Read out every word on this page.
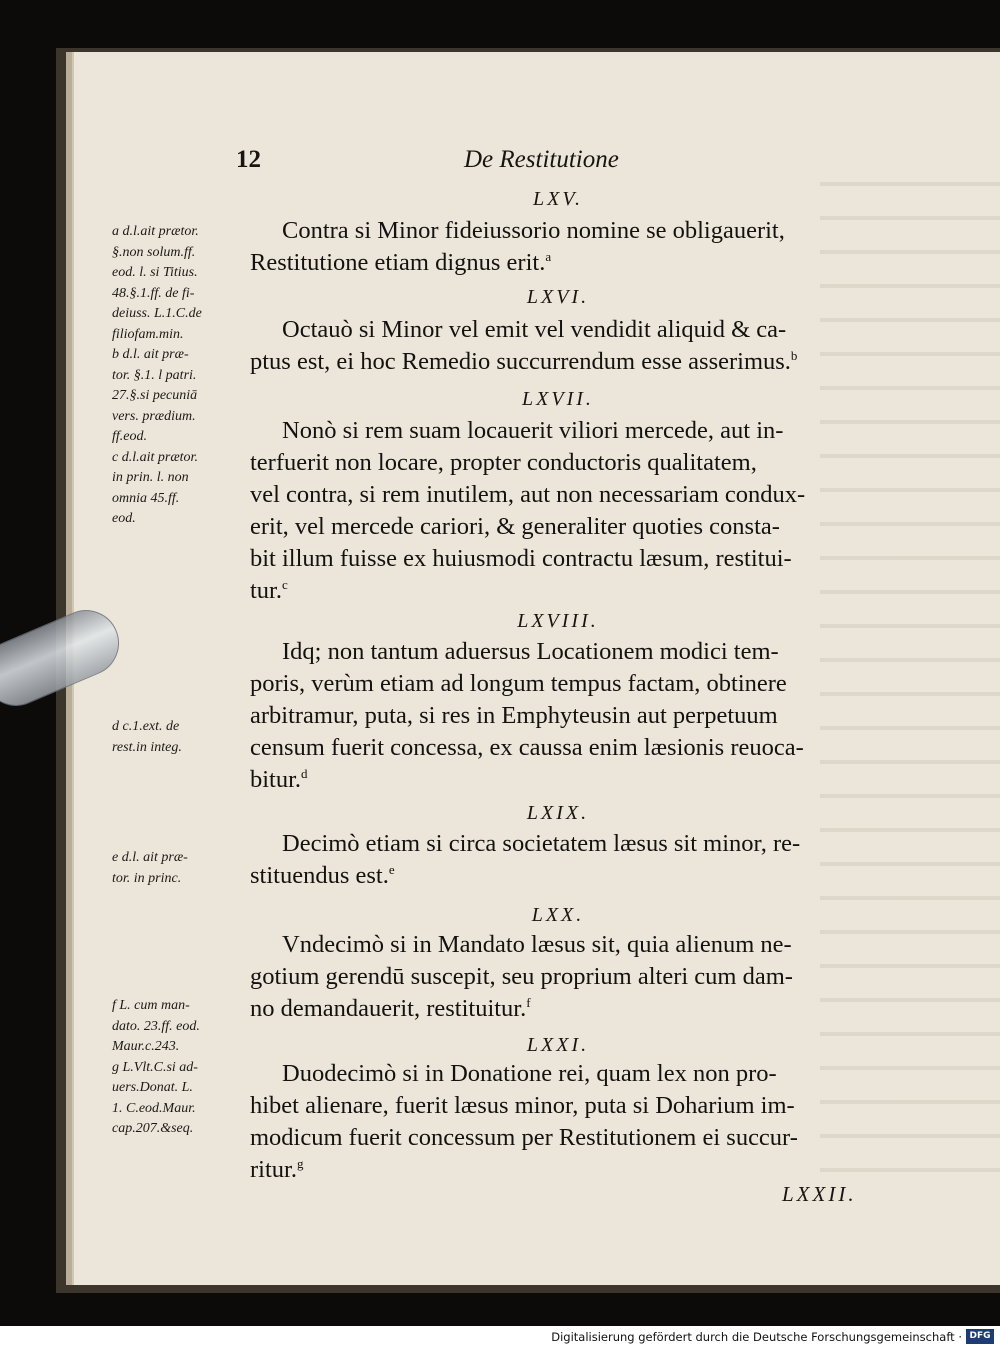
12	De Restitutione
LXV.
Contra si Minor fideiussorio nomine se obligauerit,
Restitutione etiam dignus erit.$^a$
LXVI.
Octauò si Minor vel emit vel vendidit aliquid & ca-
ptus est, ei hoc Remedio succurrendum esse asserimus.$^b$
LXVII.
Nonò si rem suam locauerit viliori mercede, aut in-
terfuerit non locare, propter conductoris qualitatem,
vel contra, si rem inutilem, aut non necessariam condux-
erit, vel mercede cariori, & generaliter quoties consta-
bit illum fuisse ex huiusmodi contractu læsum, restitui-
tur.$^c$
LXVIII.
Idq; non tantum aduersus Locationem modici tem-
poris, verùm etiam ad longum tempus factam, obtinere
arbitramur, puta, si res in Emphyteusin aut perpetuum
censum fuerit concessa, ex caussa enim læsionis reuoca-
bitur.$^d$
LXIX.
Decimò etiam si circa societatem læsus sit minor, re-
stituendus est.$^e$
LXX.
Vndecimò si in Mandato læsus sit, quia alienum ne-
gotium gerendū suscepit, seu proprium alteri cum dam-
no demandauerit, restituitur.$^f$
LXXI.
Duodecimò si in Donatione rei, quam lex non pro-
hibet alienare, fuerit læsus minor, puta si Doharium im-
modicum fuerit concessum per Restitutionem ei succur-
ritur.$^g$
a d.l.ait prætor.
§.non solum.ff.
eod. l. si Titius.
48.§.1.ff. de fi-
deiuss. L.1.C.de
filiofam.min.
b d.l. ait præ-
tor. §.1. l patri.
27.§.si pecuniā
vers. prædium.
ff.eod.
c d.l.ait prætor.
in prin. l. non
omnia 45.ff.
eod.
d c.1.ext. de
rest.in integ.
e d.l. ait præ-
tor. in princ.
f L. cum man-
dato. 23.ff. eod.
Maur.c.243.
g L.Vlt.C.si ad-
uers.Donat. L.
1. C.eod.Maur.
cap.207.&seq.
LXXII.
Digitalisierung gefördert durch die Deutsche Forschungsgemeinschaft · DFG
